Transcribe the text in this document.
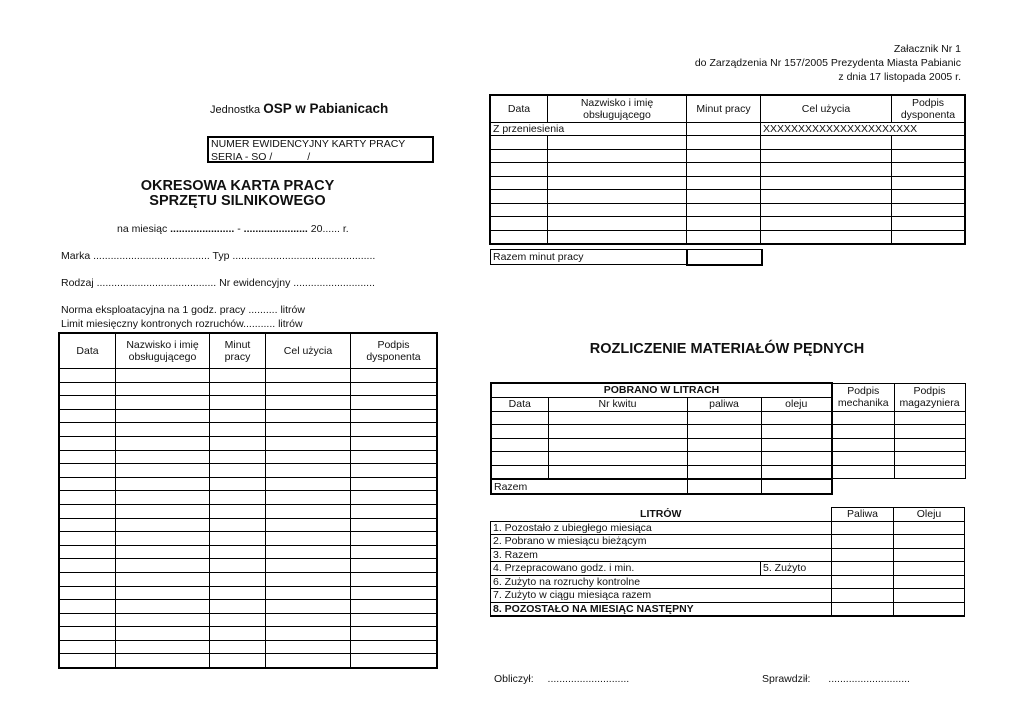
Załacznik Nr 1
do Zarządzenia Nr 157/2005 Prezydenta Miasta Pabianic
z dnia 17 listopada 2005 r.
Jednostka OSP w Pabianicach
NUMER EWIDENCYJNY KARTY PRACY
SERIA - SO /            /
OKRESOWA KARTA PRACY
SPRZĘTU SILNIKOWEGO
na miesiąc ...................... - ...................... 20...... r.
Marka ........................................ Typ .................................................
Rodzaj ......................................... Nr ewidencyjny ............................
Norma eksploatacyjna na 1 godz. pracy .......... litrów
Limit miesięczny kontronych rozruchów........... litrów
Data	Nazwisko i imię obsługującego	Minut pracy	Cel użycia	Podpis dysponenta

Data	Nazwisko i imię obsługującego	Minut pracy	Cel użycia	Podpis dysponenta
Z przeniesienia			XXXXXXXXXXXXXXXXXXXXXX	

Razem minut pracy	
ROZLICZENIE MATERIAŁÓW PĘDNYCH
POBRANO W LITRACH				Podpis mechanika	Podpis magazyniera
Data	Nr kwitu	paliwa	oleju		

Razem		
LITRÓW		Paliwa	Oleju
1. Pozostało z ubiegłego miesiąca			
2. Pobrano w miesiącu bieżącym			
3. Razem			
4. Przepracowano godz. i min.	5. Zużyto		
6. Zużyto na rozruchy kontrolne			
7. Zużyto w ciągu miesiąca razem			
8. POZOSTAŁO NA MIESIĄC NASTĘPNY			
Obliczył: ............................	Sprawdził: ............................
